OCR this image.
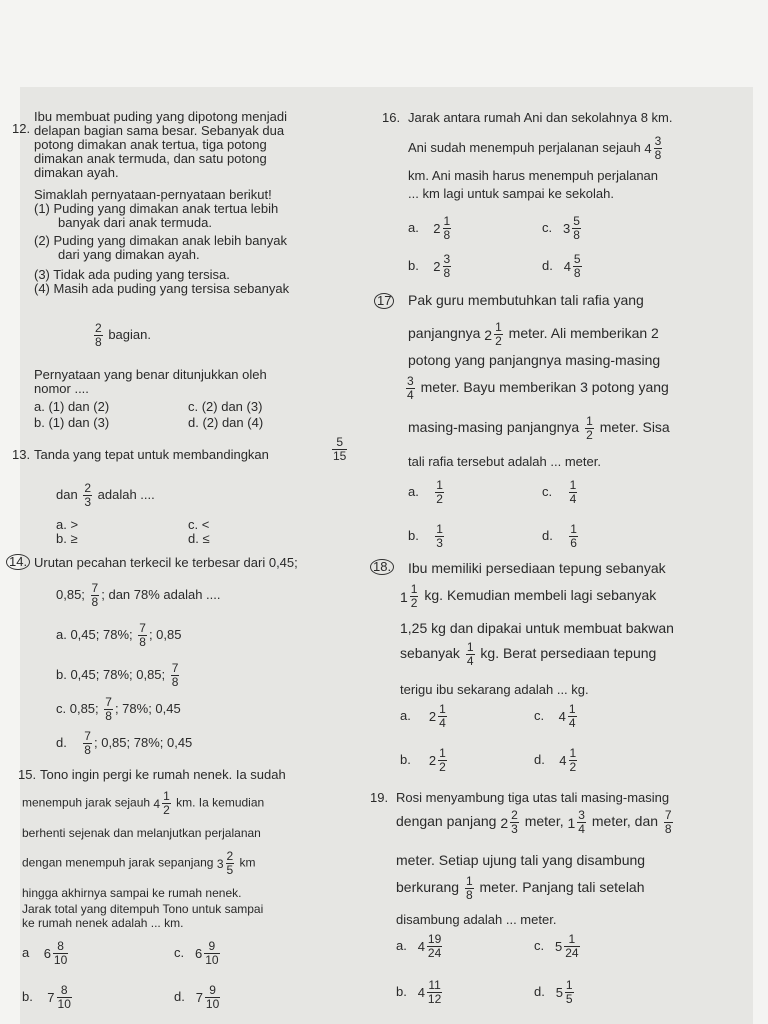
12.
Ibu membuat puding yang dipotong menjadi
delapan bagian sama besar. Sebanyak dua
potong dimakan anak tertua, tiga potong
dimakan anak termuda, dan satu potong
dimakan ayah.
Simaklah pernyataan-pernyataan berikut!
(1) Puding yang dimakan anak tertua lebih
banyak dari anak termuda.
(2) Puding yang dimakan anak lebih banyak
dari yang dimakan ayah.
(3) Tidak ada puding yang tersisa.
(4) Masih ada puding yang tersisa sebanyak
$\frac{2}{8}$ bagian.
Pernyataan yang benar ditunjukkan oleh
nomor ....
a. (1) dan (2)	c. (2) dan (3)
b. (1) dan (3)	d. (2) dan (4)
13. Tanda yang tepat untuk membandingkan	$\frac{5}{15}$
dan $\frac{2}{3}$ adalah ....
a. >	c. <
b. ≥	d. ≤
14. Urutan pecahan terkecil ke terbesar dari 0,45;
0,85; $\frac{7}{8}$ ; dan 78% adalah ....
a. 0,45; 78%; $\frac{7}{8}$ ; 0,85
b. 0,45; 78%; 0,85; $\frac{7}{8}$
c. 0,85; $\frac{7}{8}$ ; 78%; 0,45
d. $\frac{7}{8}$ ; 0,85; 78%; 0,45
15. Tono ingin pergi ke rumah nenek. Ia sudah
menempuh jarak sejauh $4 \frac{1}{2}$ km. Ia kemudian
berhenti sejenak dan melanjutkan perjalanan
dengan menempuh jarak sepanjang $3 \frac{2}{5}$ km
hingga akhirnya sampai ke rumah nenek.
Jarak total yang ditempuh Tono untuk sampai
ke rumah nenek adalah ... km.
a $6 \frac{8}{10}$	c. $6 \frac{9}{10}$
b. $7 \frac{8}{10}$	d. $7 \frac{9}{10}$
16. Jarak antara rumah Ani dan sekolahnya 8 km.
Ani sudah menempuh perjalanan sejauh $4 \frac{3}{8}$
km. Ani masih harus menempuh perjalanan
... km lagi untuk sampai ke sekolah.
a. $2 \frac{1}{8}$	c. $3 \frac{5}{8}$
b. $2 \frac{3}{8}$	d. $4 \frac{5}{8}$
17 Pak guru membutuhkan tali rafia yang
panjangnya $2 \frac{1}{2}$ meter. Ali memberikan 2
potong yang panjangnya masing-masing
$\frac{3}{4}$ meter. Bayu memberikan 3 potong yang
masing-masing panjangnya $\frac{1}{2}$ meter. Sisa
tali rafia tersebut adalah ... meter.
a. $\frac{1}{2}$	c. $\frac{1}{4}$
b. $\frac{1}{3}$	d. $\frac{1}{6}$
18. Ibu memiliki persediaan tepung sebanyak
$1 \frac{1}{2}$ kg. Kemudian membeli lagi sebanyak
1,25 kg dan dipakai untuk membuat bakwan
sebanyak $\frac{1}{4}$ kg. Berat persediaan tepung
terigu ibu sekarang adalah ... kg.
a. $2 \frac{1}{4}$	c. $4 \frac{1}{4}$
b. $2 \frac{1}{2}$	d. $4 \frac{1}{2}$
19. Rosi menyambung tiga utas tali masing-masing
dengan panjang $2 \frac{2}{3}$ meter, $1 \frac{3}{4}$ meter, dan $\frac{7}{8}$
meter. Setiap ujung tali yang disambung
berkurang $\frac{1}{8}$ meter. Panjang tali setelah
disambung adalah ... meter.
a. $4 \frac{19}{24}$	c. $5 \frac{1}{24}$
b. $4 \frac{11}{12}$	d. $5 \frac{1}{5}$
